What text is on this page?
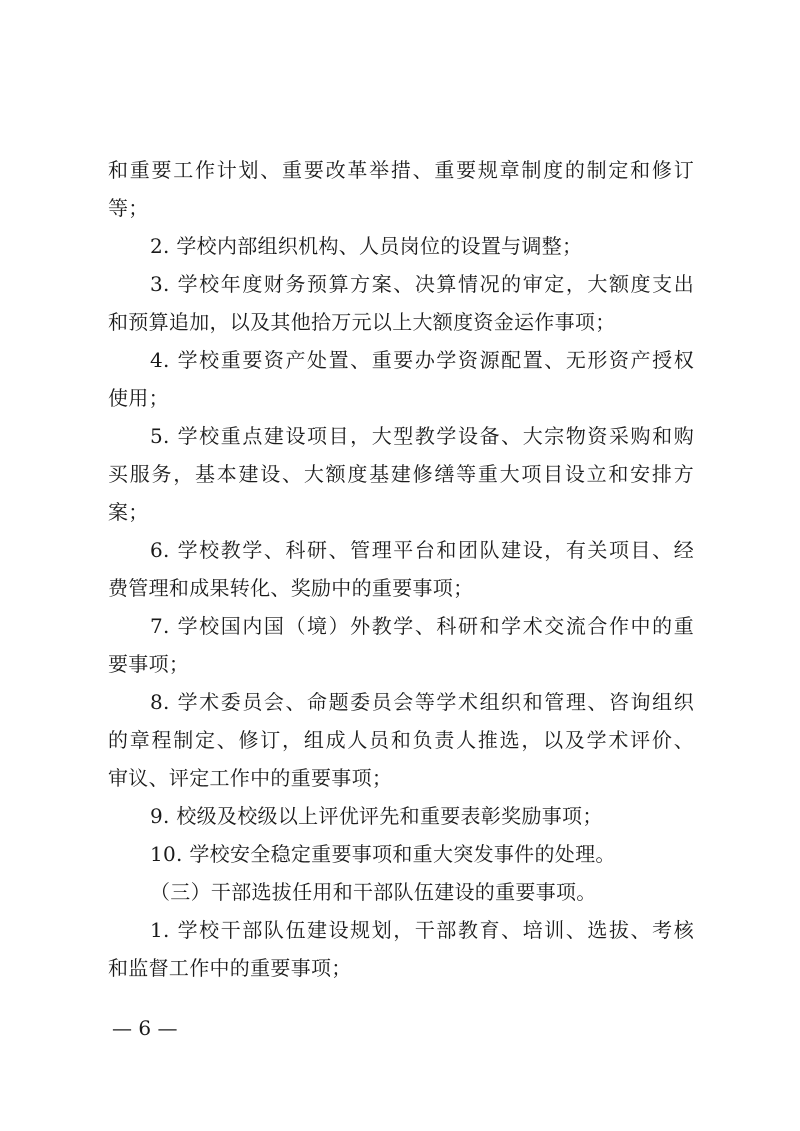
和重要工作计划、重要改革举措、重要规章制度的制定和修订
等；
2. 学校内部组织机构、人员岗位的设置与调整；
3. 学校年度财务预算方案、决算情况的审定，大额度支出
和预算追加，以及其他拾万元以上大额度资金运作事项；
4. 学校重要资产处置、重要办学资源配置、无形资产授权
使用；
5. 学校重点建设项目，大型教学设备、大宗物资采购和购
买服务，基本建设、大额度基建修缮等重大项目设立和安排方
案；
6. 学校教学、科研、管理平台和团队建设，有关项目、经
费管理和成果转化、奖励中的重要事项；
7. 学校国内国（境）外教学、科研和学术交流合作中的重
要事项；
8. 学术委员会、命题委员会等学术组织和管理、咨询组织
的章程制定、修订，组成人员和负责人推选，以及学术评价、
审议、评定工作中的重要事项；
9. 校级及校级以上评优评先和重要表彰奖励事项；
10. 学校安全稳定重要事项和重大突发事件的处理。
（三）干部选拔任用和干部队伍建设的重要事项。
1. 学校干部队伍建设规划，干部教育、培训、选拔、考核
和监督工作中的重要事项；
— 6 —
